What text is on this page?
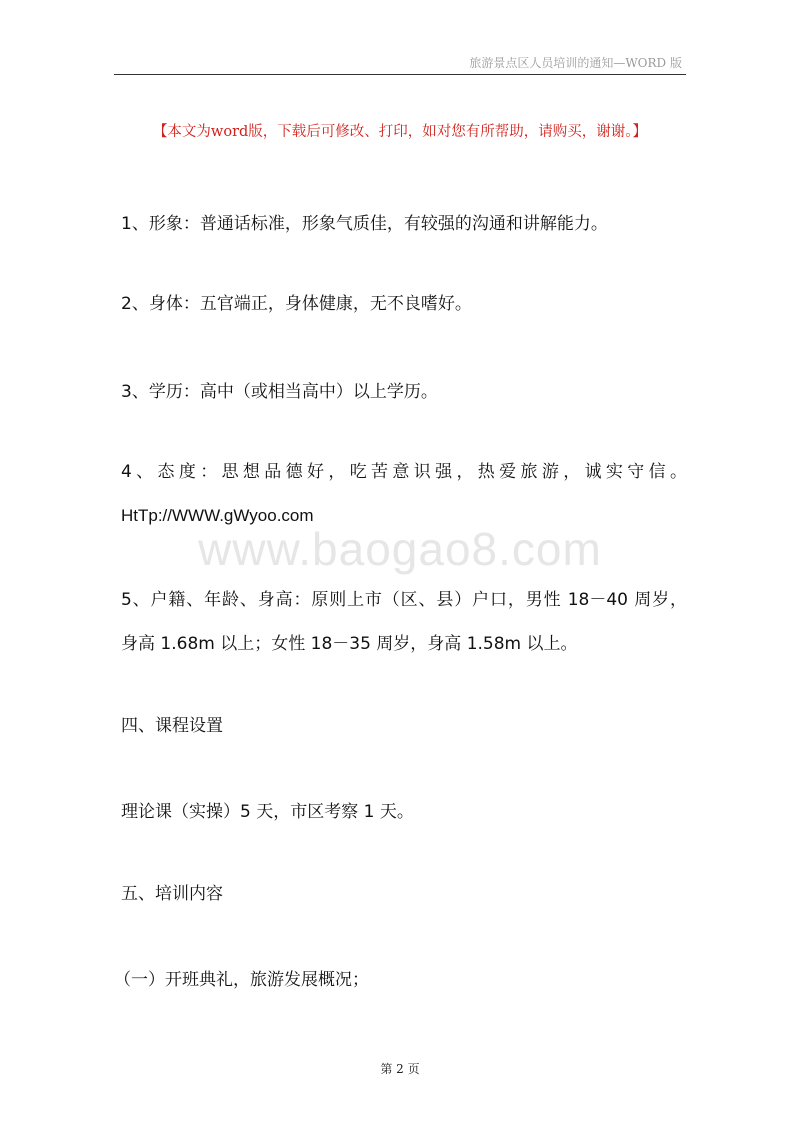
旅游景点区人员培训的通知—WORD 版
【本文为word版，下载后可修改、打印，如对您有所帮助，请购买，谢谢。】
1、形象：普通话标准，形象气质佳，有较强的沟通和讲解能力。
2、身体：五官端正，身体健康，无不良嗜好。
3、学历：高中（或相当高中）以上学历。
4、态度：思想品德好，吃苦意识强，热爱旅游，诚实守信。
HtTp://WWW.gWyoo.com
www.baogao8.com
5、户籍、年龄、身高：原则上市（区、县）户口，男性 18－40 周岁，
身高 1.68m 以上；女性 18－35 周岁，身高 1.58m 以上。
四、课程设置
理论课（实操）5 天，市区考察 1 天。
五、培训内容
（一）开班典礼，旅游发展概况；
第 2 页
